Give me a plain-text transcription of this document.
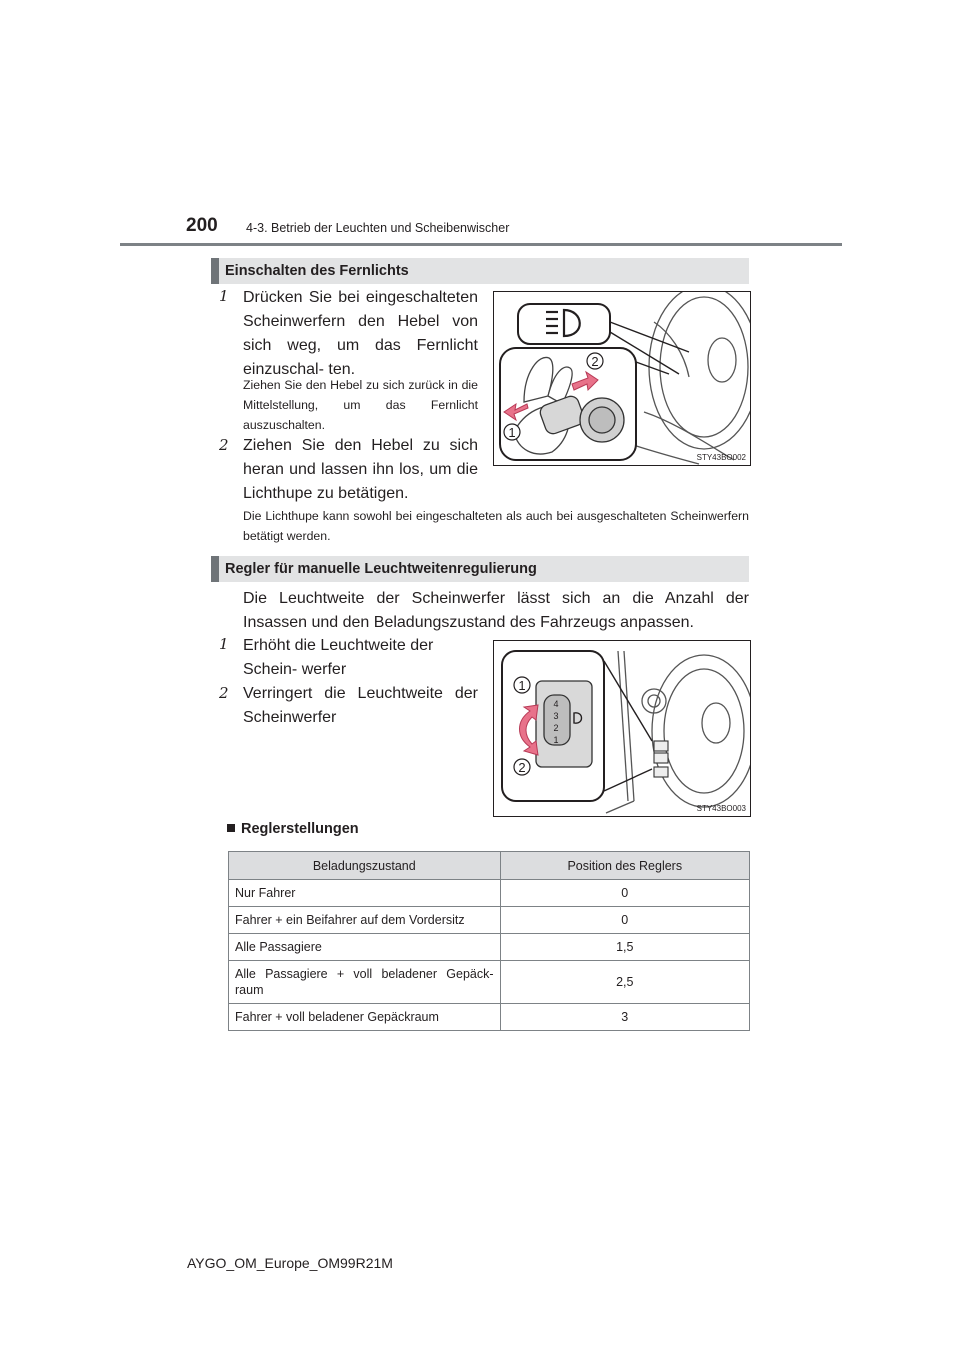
200 4-3. Betrieb der Leuchten und Scheibenwischer
Einschalten des Fernlichts
1 Drücken Sie bei eingeschalteten Scheinwerfern den Hebel von sich weg, um das Fernlicht einzuschal- ten.
Ziehen Sie den Hebel zu sich zurück in die Mittelstellung, um das Fernlicht auszuschalten.
2 Ziehen Sie den Hebel zu sich heran und lassen ihn los, um die Lichthupe zu betätigen.
2
1
STY43BO002
Die Lichthupe kann sowohl bei eingeschalteten als auch bei ausgeschalteten Scheinwerfern betätigt werden.
Regler für manuelle Leuchtweitenregulierung
Die Leuchtweite der Scheinwerfer lässt sich an die Anzahl der Insassen und den Beladungszustand des Fahrzeugs anpassen.
1 Erhöht die Leuchtweite der Schein- werfer
2 Verringert die Leuchtweite der Scheinwerfer
4
3
2
1
1
2
STY43BO003
Reglerstellungen
Beladungszustand	Position des Reglers
Nur Fahrer	0
Fahrer + ein Beifahrer auf dem Vordersitz	0
Alle Passagiere	1,5
Alle Passagiere + voll beladener Gepäck- raum	2,5
Fahrer + voll beladener Gepäckraum	3
AYGO_OM_Europe_OM99R21M
